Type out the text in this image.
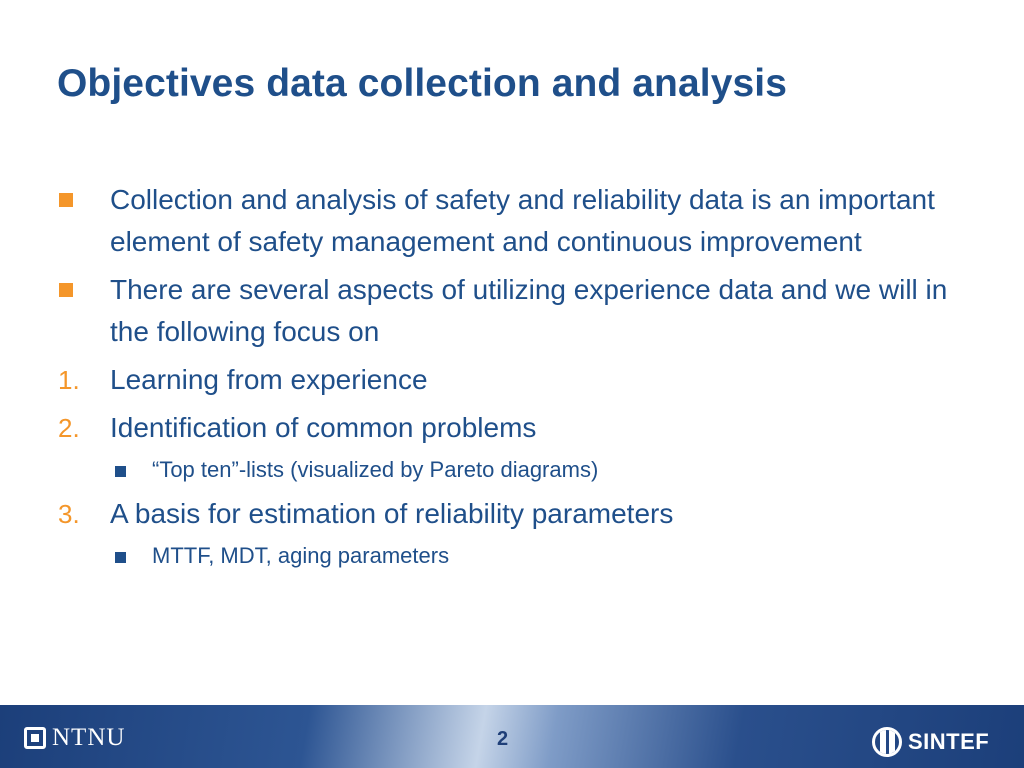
Objectives data collection and analysis
Collection and analysis of safety and reliability data is an important element of safety management and continuous improvement
There are several aspects of utilizing experience data and we will in the following focus on
1. Learning from experience
2. Identification of common problems
“Top ten”-lists (visualized by Pareto diagrams)
3. A basis for estimation of reliability parameters
MTTF, MDT, aging parameters
NTNU	2	SINTEF
